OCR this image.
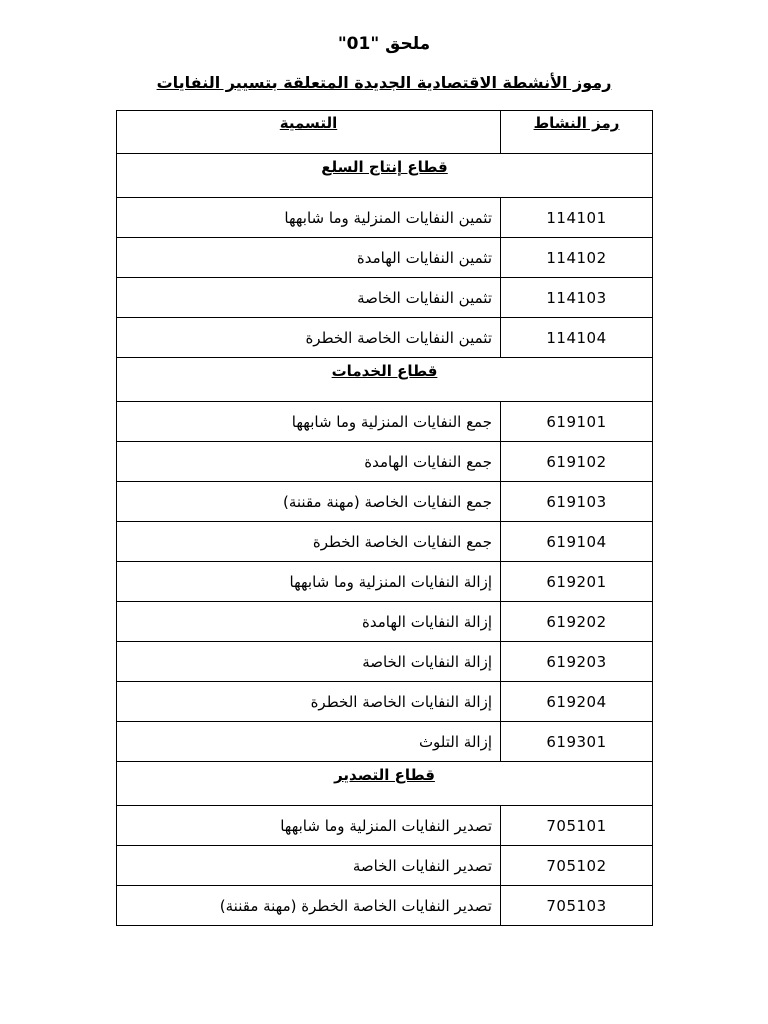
ملحق "01"
رموز الأنشطة الاقتصادية الجديدة المتعلقة بتسيير النفايات
التسمية	رمز النشاط
قطاع إنتاج السلع	
تثمين النفايات المنزلية وما شابهها	114101
تثمين النفايات الهامدة	114102
تثمين النفايات الخاصة	114103
تثمين النفايات الخاصة الخطرة	114104
قطاع الخدمات	
جمع النفايات المنزلية وما شابهها	619101
جمع النفايات الهامدة	619102
جمع النفايات الخاصة (مهنة مقننة)	619103
جمع النفايات الخاصة الخطرة	619104
إزالة النفايات المنزلية وما شابهها	619201
إزالة النفايات الهامدة	619202
إزالة النفايات الخاصة	619203
إزالة النفايات الخاصة الخطرة	619204
إزالة التلوث	619301
قطاع التصدير	
تصدير النفايات المنزلية وما شابهها	705101
تصدير النفايات الخاصة	705102
تصدير النفايات الخاصة الخطرة (مهنة مقننة)	705103
